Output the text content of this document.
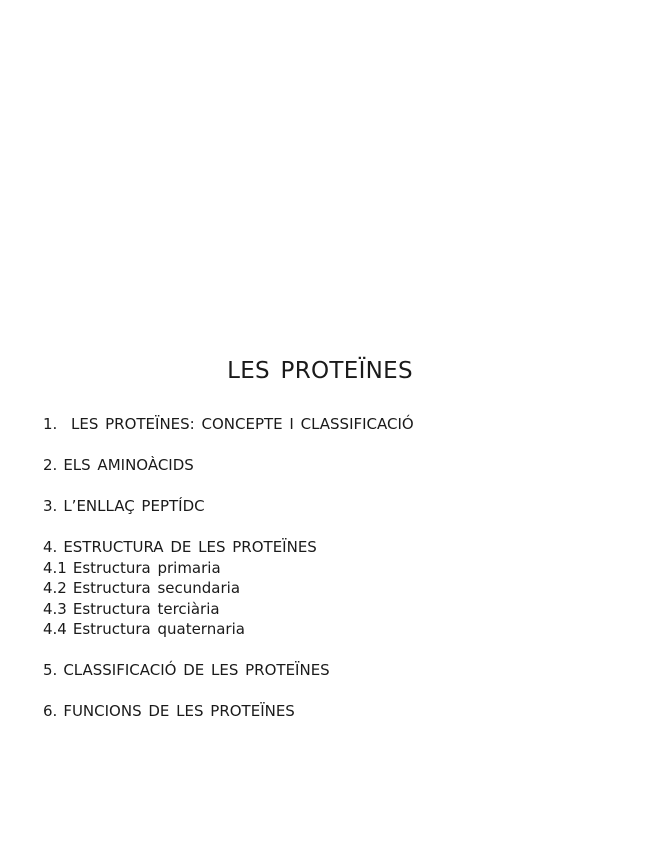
LES PROTEÏNES
1. LES PROTEÏNES: CONCEPTE I CLASSIFICACIÓ
2. ELS AMINOÀCIDS
3. L’ENLLAÇ PEPTÍDC
4. ESTRUCTURA DE LES PROTEÏNES
4.1 Estructura primaria
4.2 Estructura secundaria
4.3 Estructura terciària
4.4 Estructura quaternaria
5. CLASSIFICACIÓ DE LES PROTEÏNES
6. FUNCIONS DE LES PROTEÏNES
